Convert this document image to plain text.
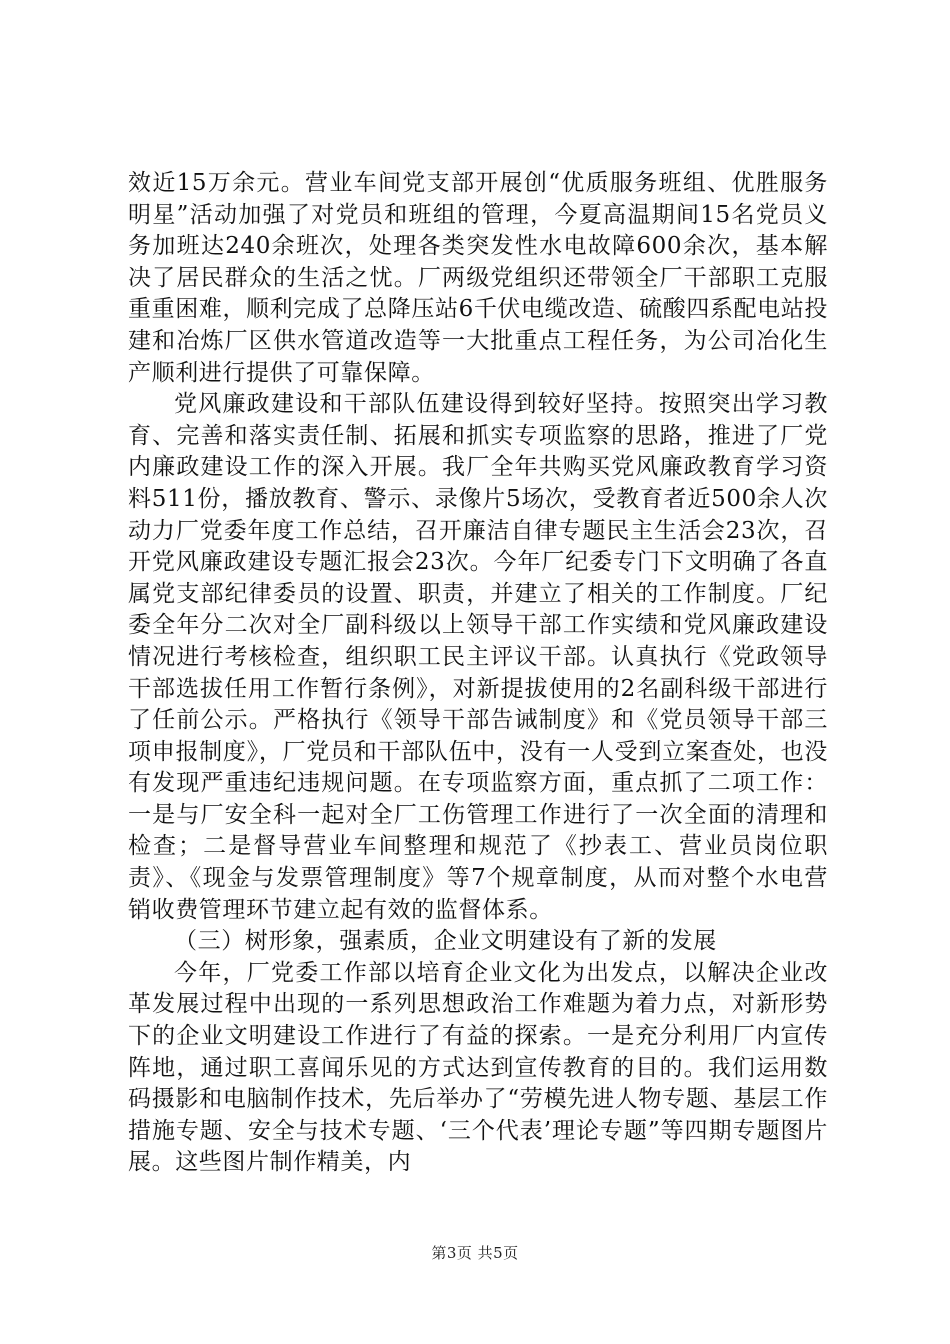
效近15万余元。营业车间党支部开展创“优质服务班组、优胜服务明星”活动加强了对党员和班组的管理，今夏高温期间15名党员义务加班达240余班次，处理各类突发性水电故障600余次，基本解决了居民群众的生活之忧。厂两级党组织还带领全厂干部职工克服重重困难，顺利完成了总降压站6千伏电缆改造、硫酸四系配电站投建和冶炼厂区供水管道改造等一大批重点工程任务，为公司冶化生产顺利进行提供了可靠保障。

党风廉政建设和干部队伍建设得到较好坚持。按照突出学习教育、完善和落实责任制、拓展和抓实专项监察的思路，推进了厂党内廉政建设工作的深入开展。我厂全年共购买党风廉政教育学习资料511份，播放教育、警示、录像片5场次，受教育者近500余人次动力厂党委年度工作总结，召开廉洁自律专题民主生活会23次，召开党风廉政建设专题汇报会23次。今年厂纪委专门下文明确了各直属党支部纪律委员的设置、职责，并建立了相关的工作制度。厂纪委全年分二次对全厂副科级以上领导干部工作实绩和党风廉政建设情况进行考核检查，组织职工民主评议干部。认真执行《党政领导干部选拔任用工作暂行条例》，对新提拔使用的2名副科级干部进行了任前公示。严格执行《领导干部告诫制度》和《党员领导干部三项申报制度》，厂党员和干部队伍中，没有一人受到立案查处，也没有发现严重违纪违规问题。在专项监察方面，重点抓了二项工作：一是与厂安全科一起对全厂工伤管理工作进行了一次全面的清理和检查；二是督导营业车间整理和规范了《抄表工、营业员岗位职责》、《现金与发票管理制度》等7个规章制度，从而对整个水电营销收费管理环节建立起有效的监督体系。

（三）树形象，强素质，企业文明建设有了新的发展

今年，厂党委工作部以培育企业文化为出发点，以解决企业改革发展过程中出现的一系列思想政治工作难题为着力点，对新形势下的企业文明建设工作进行了有益的探索。一是充分利用厂内宣传阵地，通过职工喜闻乐见的方式达到宣传教育的目的。我们运用数码摄影和电脑制作技术，先后举办了“劳模先进人物专题、基层工作措施专题、安全与技术专题、‘三个代表’理论专题”等四期专题图片展。这些图片制作精美，内

第3页 共5页
